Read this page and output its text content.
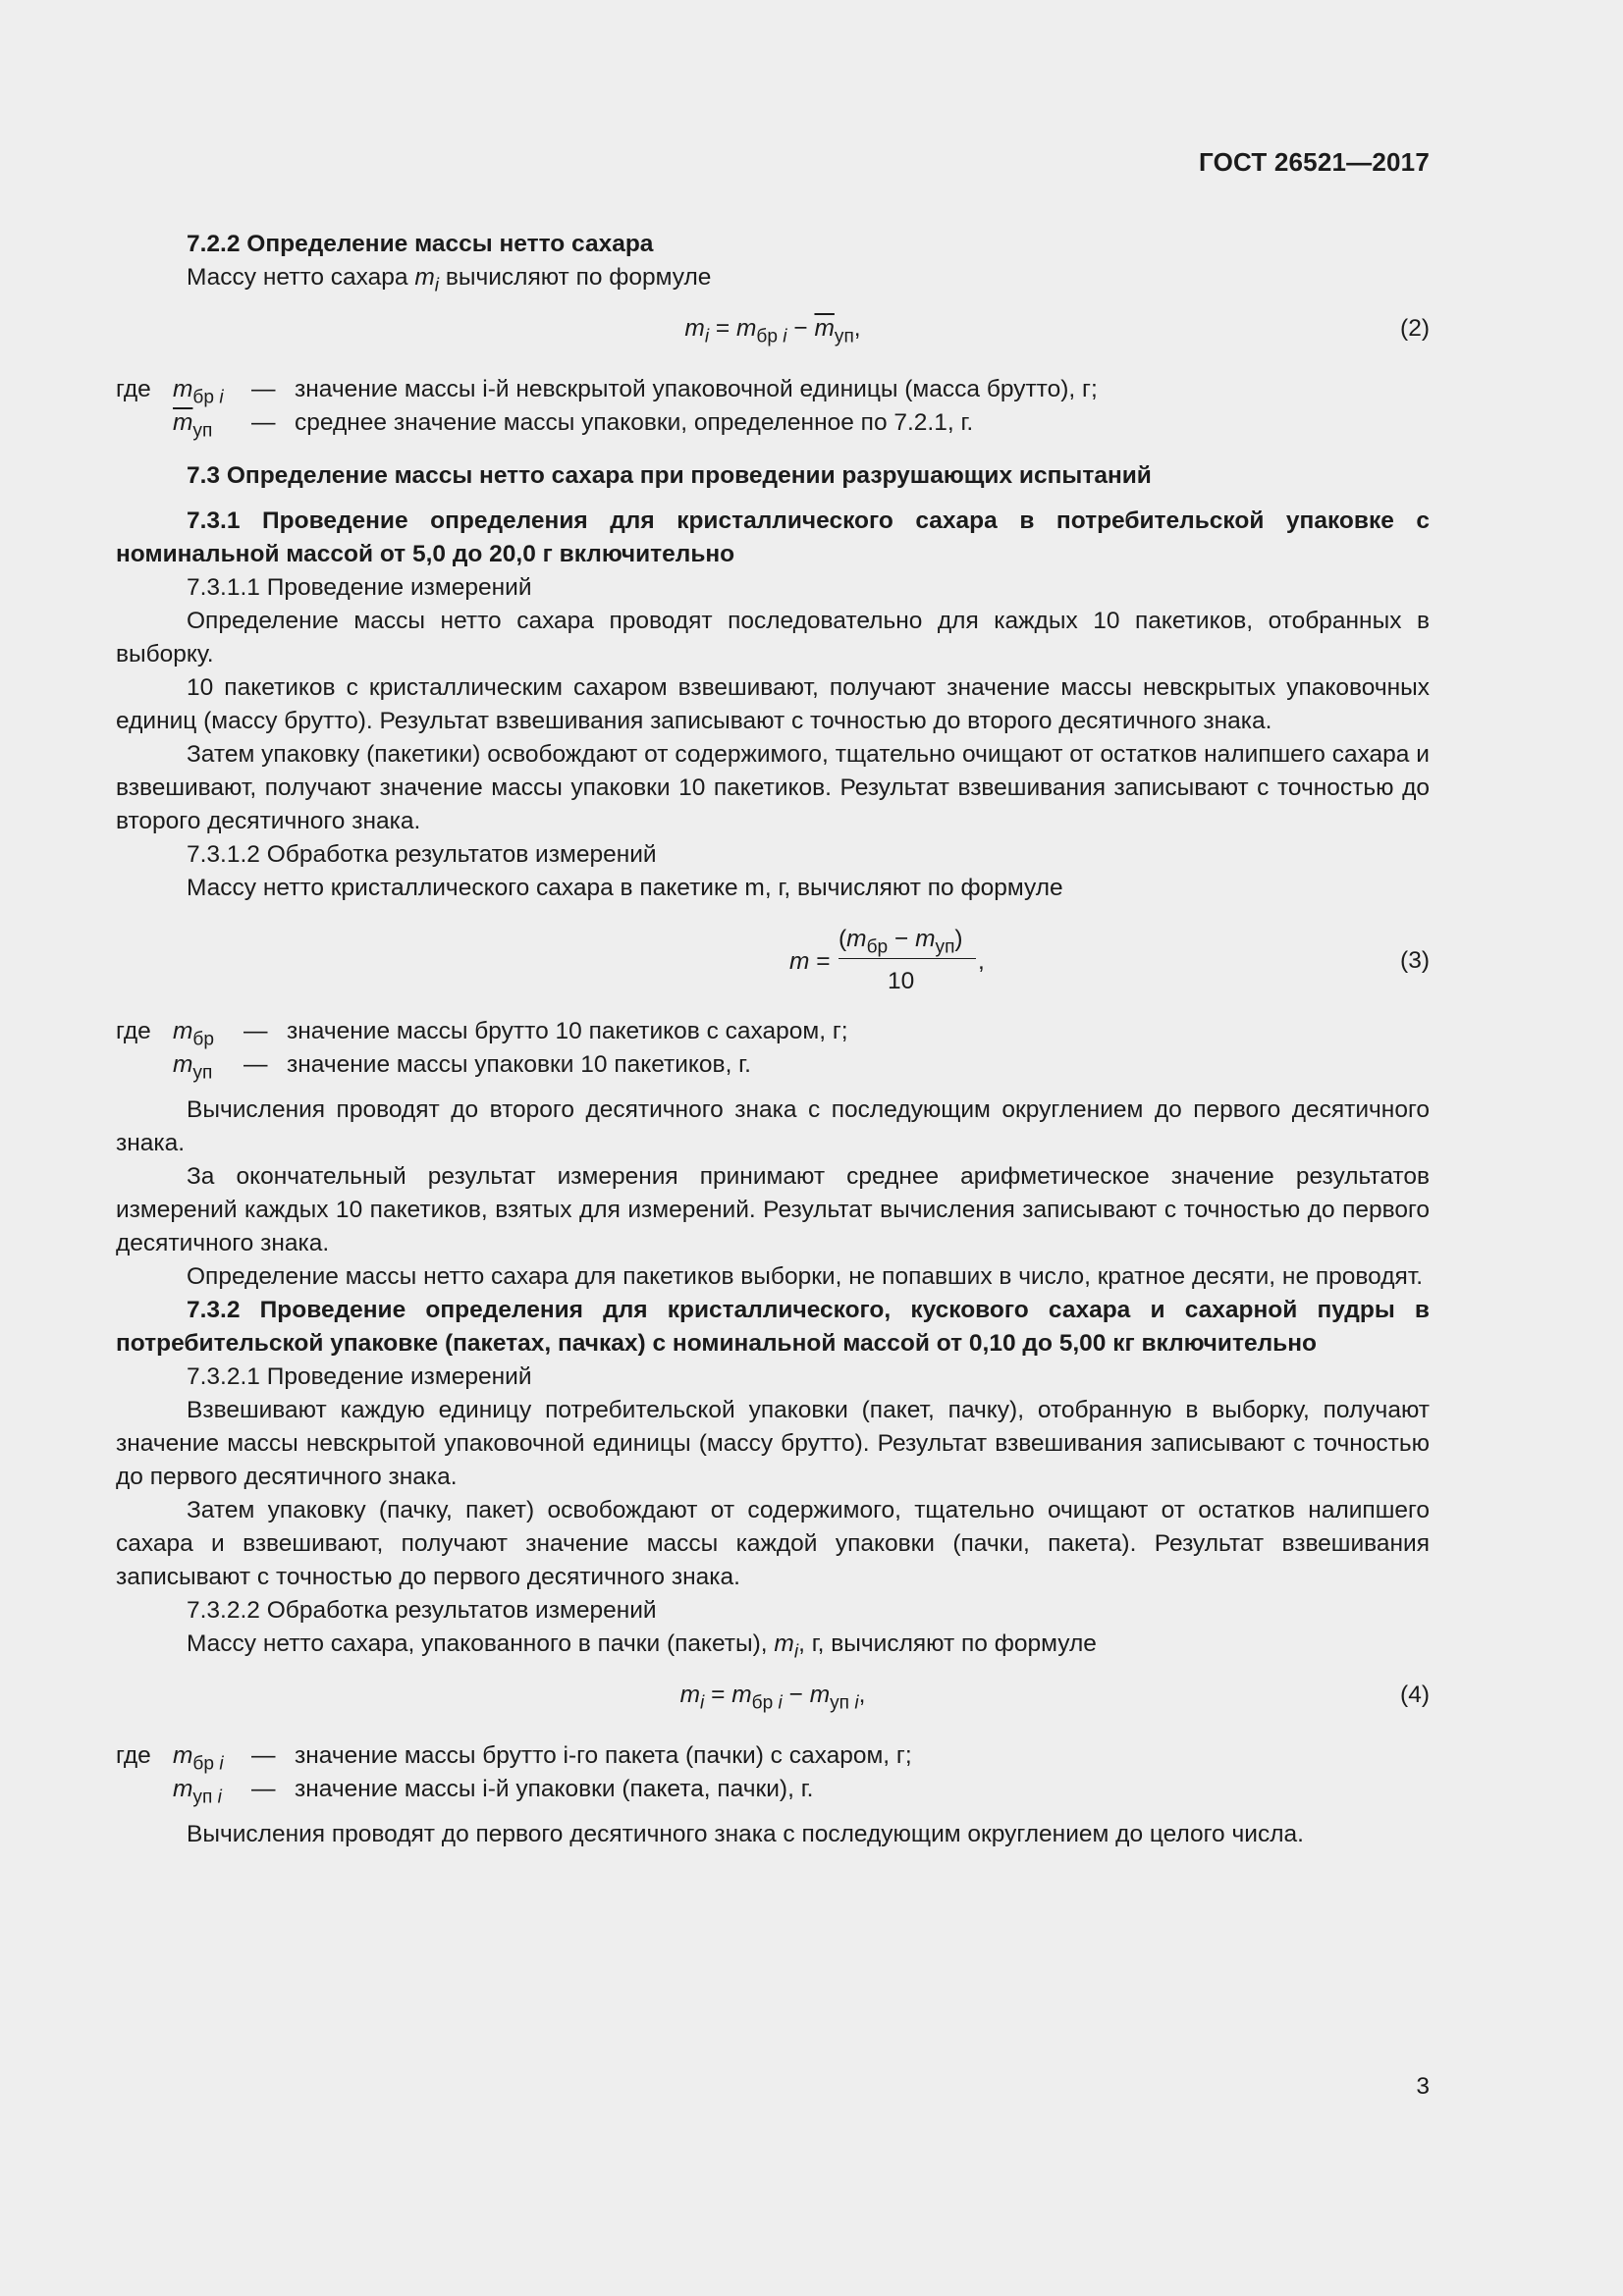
ГОСТ 26521—2017

7.2.2 Определение массы нетто сахара

Массу нетто сахара $m_i$ вычисляют по формуле

$m_i = m_{бр i} - \overline{m}_{уп}$,	(2)
где	$m_{бр i}$	—	значение массы i-й невскрытой упаковочной единицы (масса брутто), г;
	$\overline{m}_{уп}$	—	среднее значение массы упаковки, определенное по 7.2.1, г.

7.3 Определение массы нетто сахара при проведении разрушающих испытаний

7.3.1 Проведение определения для кристаллического сахара в потребительской упаковке с номинальной массой от 5,0 до 20,0 г включительно

7.3.1.1 Проведение измерений

Определение массы нетто сахара проводят последовательно для каждых 10 пакетиков, отобранных в выборку.

10 пакетиков с кристаллическим сахаром взвешивают, получают значение массы невскрытых упаковочных единиц (массу брутто). Результат взвешивания записывают с точностью до второго десятичного знака.

Затем упаковку (пакетики) освобождают от содержимого, тщательно очищают от остатков налипшего сахара и взвешивают, получают значение массы упаковки 10 пакетиков. Результат взвешивания записывают с точностью до второго десятичного знака.

7.3.1.2 Обработка результатов измерений

Массу нетто кристаллического сахара в пакетике m, г, вычисляют по формуле

m =
$(m_{бр} - m_{уп})$
10
,	(3)
где	$m_{бр}$	—	значение массы брутто 10 пакетиков с сахаром, г;
	$m_{уп}$	—	значение массы упаковки 10 пакетиков, г.

Вычисления проводят до второго десятичного знака с последующим округлением до первого десятичного знака.

За окончательный результат измерения принимают среднее арифметическое значение результатов измерений каждых 10 пакетиков, взятых для измерений. Результат вычисления записывают с точностью до первого десятичного знака.

Определение массы нетто сахара для пакетиков выборки, не попавших в число, кратное десяти, не проводят.

7.3.2 Проведение определения для кристаллического, кускового сахара и сахарной пудры в потребительской упаковке (пакетах, пачках) с номинальной массой от 0,10 до 5,00 кг включительно

7.3.2.1 Проведение измерений

Взвешивают каждую единицу потребительской упаковки (пакет, пачку), отобранную в выборку, получают значение массы невскрытой упаковочной единицы (массу брутто). Результат взвешивания записывают с точностью до первого десятичного знака.

Затем упаковку (пачку, пакет) освобождают от содержимого, тщательно очищают от остатков налипшего сахара и взвешивают, получают значение массы каждой упаковки (пачки, пакета). Результат взвешивания записывают с точностью до первого десятичного знака.

7.3.2.2 Обработка результатов измерений

Массу нетто сахара, упакованного в пачки (пакеты), $m_i$, г, вычисляют по формуле

$m_i = m_{бр i} - m_{уп i}$,	(4)
где	$m_{бр i}$	—	значение массы брутто i-го пакета (пачки) с сахаром, г;
	$m_{уп i}$	—	значение массы i-й упаковки (пакета, пачки), г.

Вычисления проводят до первого десятичного знака с последующим округлением до целого числа.

3
